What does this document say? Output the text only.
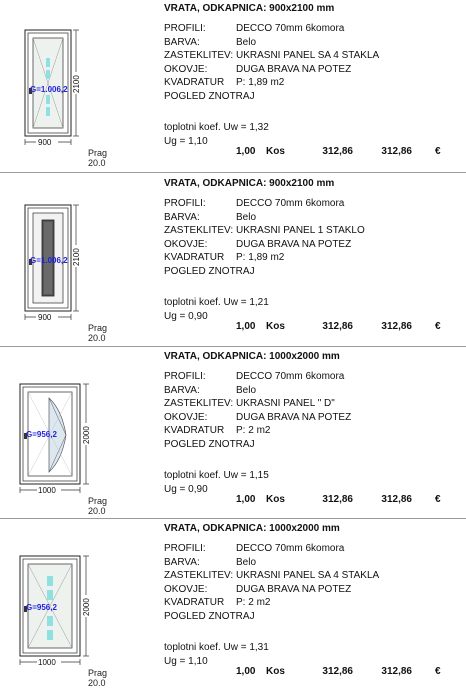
G=1.006,2 2100
900
Prag
20.0
VRATA, ODKAPNICA: 900x2100 mm
PROFILI:	DECCO 70mm 6komora
BARVA:	Belo
ZASTEKLITEV: UKRASNI PANEL SA 4 STAKLA
OKOVJE:	DUGA BRAVA NA POTEZ
KVADRATUR P: 1,89 m2
POGLED ZNOTRAJ
toplotni koef. Uw = 1,32
Ug = 1,10
1,00 Kos	312,86	312,86 €
G=1.006,2 2100
900
Prag
20.0
VRATA, ODKAPNICA: 900x2100 mm
PROFILI:	DECCO 70mm 6komora
BARVA:	Belo
ZASTEKLITEV: UKRASNI PANEL 1 STAKLO
OKOVJE:	DUGA BRAVA NA POTEZ
KVADRATUR P: 1,89 m2
POGLED ZNOTRAJ
toplotni koef. Uw = 1,21
Ug = 0,90
1,00 Kos	312,86	312,86 €
G=956,2	2000
1000
Prag
20.0
VRATA, ODKAPNICA: 1000x2000 mm
PROFILI:	DECCO 70mm 6komora
BARVA:	Belo
ZASTEKLITEV: UKRASNI PANEL " D"
OKOVJE:	DUGA BRAVA NA POTEZ
KVADRATUR P: 2 m2
POGLED ZNOTRAJ
toplotni koef. Uw = 1,15
Ug = 0,90
1,00 Kos	312,86	312,86 €
G=956,2	2000
1000
Prag
20.0
VRATA, ODKAPNICA: 1000x2000 mm
PROFILI:	DECCO 70mm 6komora
BARVA:	Belo
ZASTEKLITEV: UKRASNI PANEL SA 4 STAKLA
OKOVJE:	DUGA BRAVA NA POTEZ
KVADRATUR P: 2 m2
POGLED ZNOTRAJ
toplotni koef. Uw = 1,31
Ug = 1,10
1,00 Kos	312,86	312,86 €
